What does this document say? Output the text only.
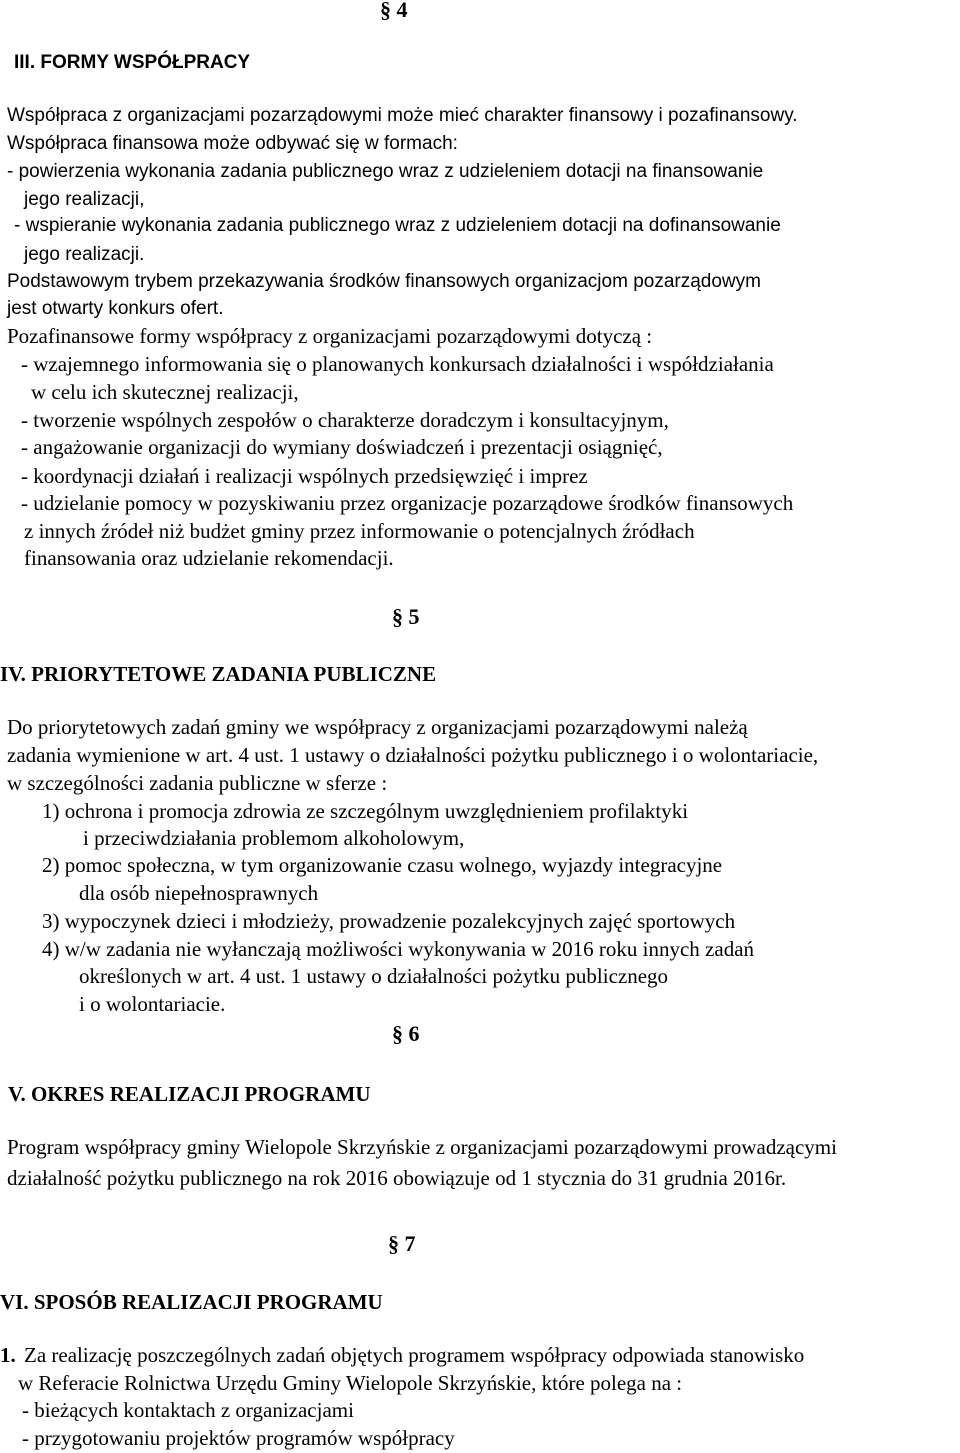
§ 4
III. FORMY WSPÓŁPRACY
Współpraca z organizacjami pozarządowymi może mieć charakter finansowy i pozafinansowy.
Współpraca finansowa może odbywać się w formach:
- powierzenia wykonania zadania publicznego wraz z udzieleniem dotacji na finansowanie
jego realizacji,
- wspieranie wykonania zadania publicznego wraz z udzieleniem dotacji na dofinansowanie
jego realizacji.
Podstawowym trybem przekazywania środków finansowych organizacjom pozarządowym
jest otwarty konkurs ofert.
Pozafinansowe formy współpracy z organizacjami pozarządowymi dotyczą :
- wzajemnego informowania się o planowanych konkursach działalności i współdziałania
w celu ich skutecznej realizacji,
- tworzenie wspólnych zespołów o charakterze doradczym i konsultacyjnym,
- angażowanie organizacji do wymiany doświadczeń i prezentacji osiągnięć,
- koordynacji działań i realizacji wspólnych przedsięwzięć i imprez
- udzielanie pomocy w pozyskiwaniu przez organizacje pozarządowe środków finansowych
z innych źródeł niż budżet gminy przez informowanie o potencjalnych źródłach
finansowania oraz udzielanie rekomendacji.
§ 5
IV. PRIORYTETOWE ZADANIA PUBLICZNE
Do priorytetowych zadań gminy we współpracy z organizacjami pozarządowymi należą
zadania wymienione w art. 4 ust. 1 ustawy o działalności pożytku publicznego i o wolontariacie,
w szczególności zadania publiczne w sferze :
1) ochrona i promocja zdrowia ze szczególnym uwzględnieniem profilaktyki
i przeciwdziałania problemom alkoholowym,
2) pomoc społeczna, w tym organizowanie czasu wolnego, wyjazdy integracyjne
dla osób niepełnosprawnych
3) wypoczynek dzieci i młodzieży, prowadzenie pozalekcyjnych zajęć sportowych
4) w/w zadania nie wyłanczają możliwości wykonywania w 2016 roku innych zadań
określonych w art. 4 ust. 1 ustawy o działalności pożytku publicznego
i o wolontariacie.
§ 6
V. OKRES REALIZACJI PROGRAMU
Program współpracy gminy Wielopole Skrzyńskie z organizacjami pozarządowymi prowadzącymi
działalność pożytku publicznego na rok 2016 obowiązuje od 1 stycznia do 31 grudnia 2016r.
§ 7
VI. SPOSÓB REALIZACJI PROGRAMU
1. Za realizację poszczególnych zadań objętych programem współpracy odpowiada stanowisko
w Referacie Rolnictwa Urzędu Gminy Wielopole Skrzyńskie, które polega na :
- bieżących kontaktach z organizacjami
- przygotowaniu projektów programów współpracy
